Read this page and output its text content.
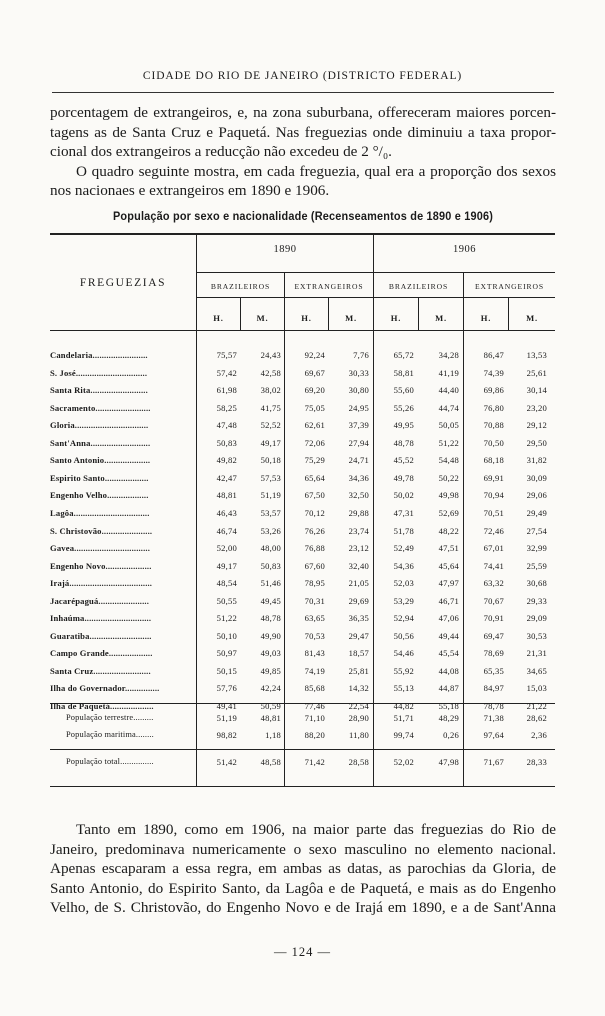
CIDADE DO RIO DE JANEIRO (DISTRICTO FEDERAL)
porcentagem de extrangeiros, e, na zona suburbana, offereceram maiores porcen-
tagens as de Santa Cruz e Paquetá. Nas freguezias onde diminuiu a taxa propor-
cional dos extrangeiros a reducção não excedeu de 2 °/₀.
O quadro seguinte mostra, em cada freguezia, qual era a proporção dos sexos
nos nacionaes e extrangeiros em 1890 e 1906.
População por sexo e nacionalidade (Recenseamentos de 1890 e 1906)
FREGUEZIAS
1890	1906
BRAZILEIROS	EXTRANGEIROS	BRAZILEIROS	EXTRANGEIROS
H.	M.	H.	M.	H.	M.	H.	M.
Candelaria........................	75,57	24,43	92,24	7,76	65,72	34,28	86,47	13,53
S. José...............................	57,42	42,58	69,67	30,33	58,81	41,19	74,39	25,61
Santa Rita.........................	61,98	38,02	69,20	30,80	55,60	44,40	69,86	30,14
Sacramento........................	58,25	41,75	75,05	24,95	55,26	44,74	76,80	23,20
Gloria................................	47,48	52,52	62,61	37,39	49,95	50,05	70,88	29,12
Sant'Anna..........................	50,83	49,17	72,06	27,94	48,78	51,22	70,50	29,50
Santo Antonio....................	49,82	50,18	75,29	24,71	45,52	54,48	68,18	31,82
Espirito Santo...................	42,47	57,53	65,64	34,36	49,78	50,22	69,91	30,09
Engenho Velho..................	48,81	51,19	67,50	32,50	50,02	49,98	70,94	29,06
Lagôa.................................	46,43	53,57	70,12	29,88	47,31	52,69	70,51	29,49
S. Christovão......................	46,74	53,26	76,26	23,74	51,78	48,22	72,46	27,54
Gavea.................................	52,00	48,00	76,88	23,12	52,49	47,51	67,01	32,99
Engenho Novo....................	49,17	50,83	67,60	32,40	54,36	45,64	74,41	25,59
Irajá....................................	48,54	51,46	78,95	21,05	52,03	47,97	63,32	30,68
Jacarépaguá......................	50,55	49,45	70,31	29,69	53,29	46,71	70,67	29,33
Inhaúma.............................	51,22	48,78	63,65	36,35	52,94	47,06	70,91	29,09
Guaratiba...........................	50,10	49,90	70,53	29,47	50,56	49,44	69,47	30,53
Campo Grande...................	50,97	49,03	81,43	18,57	54,46	45,54	78,69	21,31
Santa Cruz.........................	50,15	49,85	74,19	25,81	55,92	44,08	65,35	34,65
Ilha do Governador...............	57,76	42,24	85,68	14,32	55,13	44,87	84,97	15,03
Ilha de Paquetá...................	49,41	50,59	77,46	22,54	44,82	55,18	78,78	21,22
População terrestre.........	51,19	48,81	71,10	28,90	51,71	48,29	71,38	28,62
População maritima........	98,82	1,18	88,20	11,80	99,74	0,26	97,64	2,36
População total...............	51,42	48,58	71,42	28,58	52,02	47,98	71,67	28,33
Tanto em 1890, como em 1906, na maior parte das freguezias do Rio de
Janeiro, predominava numericamente o sexo masculino no elemento nacional.
Apenas escaparam a essa regra, em ambas as datas, as parochias da Gloria, de
Santo Antonio, do Espirito Santo, da Lagôa e de Paquetá, e mais as do Engenho
Velho, de S. Christovão, do Engenho Novo e de Irajá em 1890, e a de Sant'Anna
— 124 —
